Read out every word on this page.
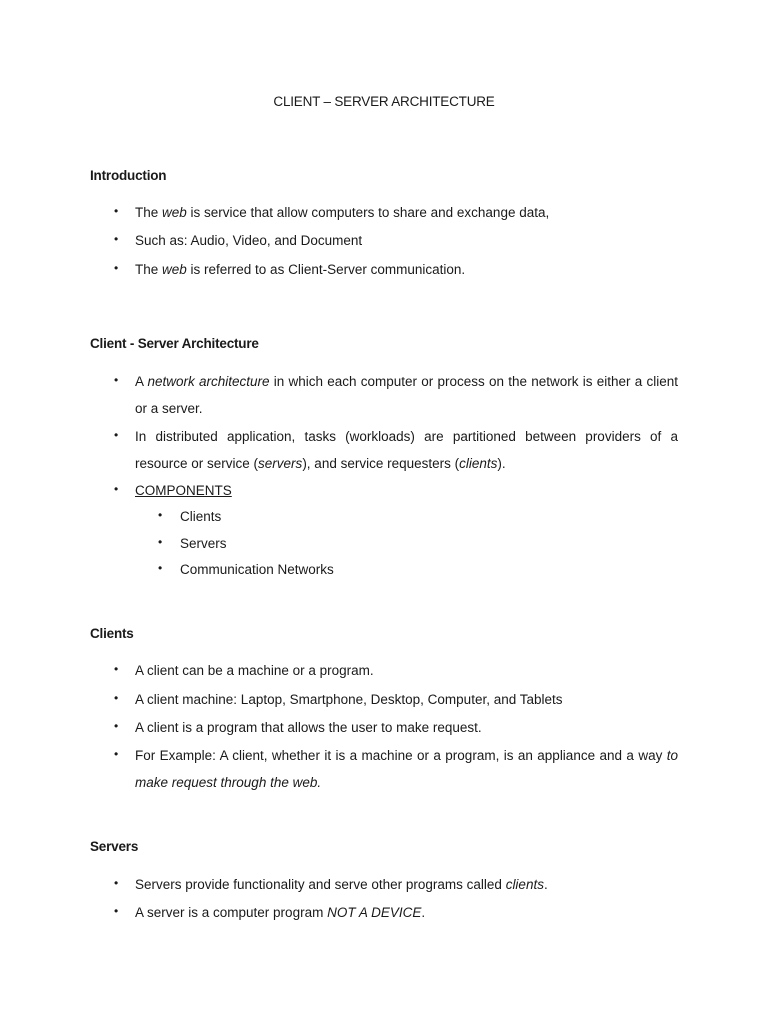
CLIENT – SERVER ARCHITECTURE
Introduction
• The web is service that allow computers to share and exchange data,
• Such as: Audio, Video, and Document
• The web is referred to as Client-Server communication.
Client - Server Architecture
• A network architecture in which each computer or process on the network is either a client or a server.
• In distributed application, tasks (workloads) are partitioned between providers of a resource or service (servers), and service requesters (clients).
• COMPONENTS
• Clients
• Servers
• Communication Networks
Clients
• A client can be a machine or a program.
• A client machine: Laptop, Smartphone, Desktop, Computer, and Tablets
• A client is a program that allows the user to make request.
• For Example: A client, whether it is a machine or a program, is an appliance and a way to make request through the web.
Servers
• Servers provide functionality and serve other programs called clients.
• A server is a computer program NOT A DEVICE.
